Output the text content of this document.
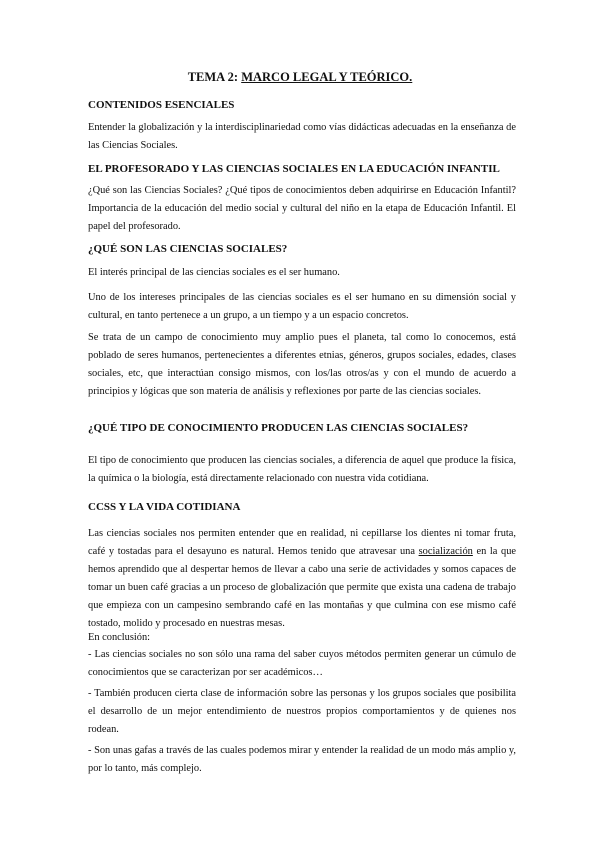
TEMA 2: MARCO LEGAL Y TEÓRICO.
CONTENIDOS ESENCIALES
Entender la globalización y la interdisciplinariedad como vías didácticas adecuadas en la enseñanza de las Ciencias Sociales.
EL PROFESORADO Y LAS CIENCIAS SOCIALES EN LA EDUCACIÓN INFANTIL
¿Qué son las Ciencias Sociales? ¿Qué tipos de conocimientos deben adquirirse en Educación Infantil? Importancia de la educación del medio social y cultural del niño en la etapa de Educación Infantil. El papel del profesorado.
¿QUÉ SON LAS CIENCIAS SOCIALES?
El interés principal de las ciencias sociales es el ser humano.
Uno de los intereses principales de las ciencias sociales es el ser humano en su dimensión social y cultural, en tanto pertenece a un grupo, a un tiempo y a un espacio concretos.
Se trata de un campo de conocimiento muy amplio pues el planeta, tal como lo conocemos, está poblado de seres humanos, pertenecientes a diferentes etnias, géneros, grupos sociales, edades, clases sociales, etc, que interactúan consigo mismos, con los/las otros/as y con el mundo de acuerdo a principios y lógicas que son materia de análisis y reflexiones por parte de las ciencias sociales.
¿QUÉ TIPO DE CONOCIMIENTO PRODUCEN LAS CIENCIAS SOCIALES?
El tipo de conocimiento que producen las ciencias sociales, a diferencia de aquel que produce la física, la química o la biología, está directamente relacionado con nuestra vida cotidiana.
CCSS Y LA VIDA COTIDIANA
Las ciencias sociales nos permiten entender que en realidad, ni cepillarse los dientes ni tomar fruta, café y tostadas para el desayuno es natural. Hemos tenido que atravesar una socialización en la que hemos aprendido que al despertar hemos de llevar a cabo una serie de actividades y somos capaces de tomar un buen café gracias a un proceso de globalización que permite que exista una cadena de trabajo que empieza con un campesino sembrando café en las montañas y que culmina con ese mismo café tostado, molido y procesado en nuestras mesas.
En conclusión:
- Las ciencias sociales no son sólo una rama del saber cuyos métodos permiten generar un cúmulo de conocimientos que se caracterizan por ser académicos…
- También producen cierta clase de información sobre las personas y los grupos sociales que posibilita el desarrollo de un mejor entendimiento de nuestros propios comportamientos y de quienes nos rodean.
- Son unas gafas a través de las cuales podemos mirar y entender la realidad de un modo más amplio y, por lo tanto, más complejo.
